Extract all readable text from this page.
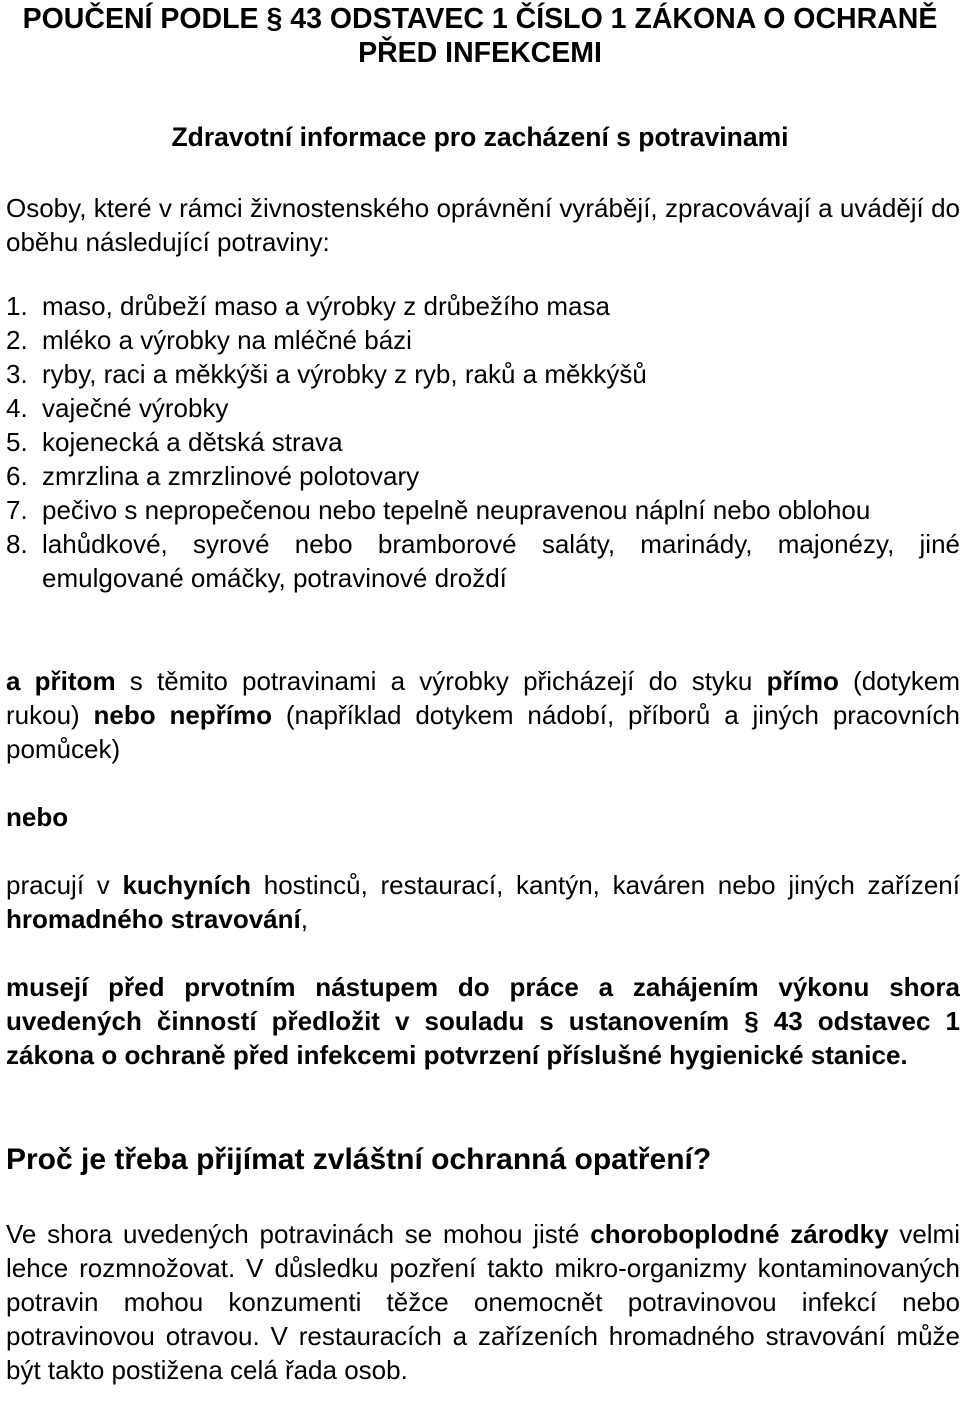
POUČENÍ PODLE § 43 ODSTAVEC 1 ČÍSLO 1 ZÁKONA O OCHRANĚ PŘED INFEKCEMI
Zdravotní informace pro zacházení s potravinami
Osoby, které v rámci živnostenského oprávnění vyrábějí, zpracovávají a uvádějí do oběhu následující potraviny:
1. maso, drůbeží maso a výrobky z drůbežího masa
2. mléko a výrobky na mléčné bázi
3. ryby, raci a měkkýši a výrobky z ryb, raků a měkkýšů
4. vaječné výrobky
5. kojenecká a dětská strava
6. zmrzlina a zmrzlinové polotovary
7. pečivo s nepropečenou nebo tepelně neupravenou náplní nebo oblohou
8. lahůdkové, syrové nebo bramborové saláty, marinády, majonézy, jiné emulgované omáčky, potravinové droždí
a přitom s těmito potravinami a výrobky přicházejí do styku přímo (dotykem rukou) nebo nepřímo (například dotykem nádobí, příborů a jiných pracovních pomůcek)
nebo
pracují v kuchyních hostinců, restaurací, kantýn, kaváren nebo jiných zařízení hromadného stravování,
musejí před prvotním nástupem do práce a zahájením výkonu shora uvedených činností předložit v souladu s ustanovením § 43 odstavec 1 zákona o ochraně před infekcemi potvrzení příslušné hygienické stanice.
Proč je třeba přijímat zvláštní ochranná opatření?
Ve shora uvedených potravinách se mohou jisté choroboplodné zárodky velmi lehce rozmnožovat. V důsledku pozření takto mikro-organizmy kontaminovaných potravin mohou konzumenti těžce onemocnět potravinovou infekcí nebo potravinovou otravou. V restauracích a zařízeních hromadného stravování může být takto postižena celá řada osob.
